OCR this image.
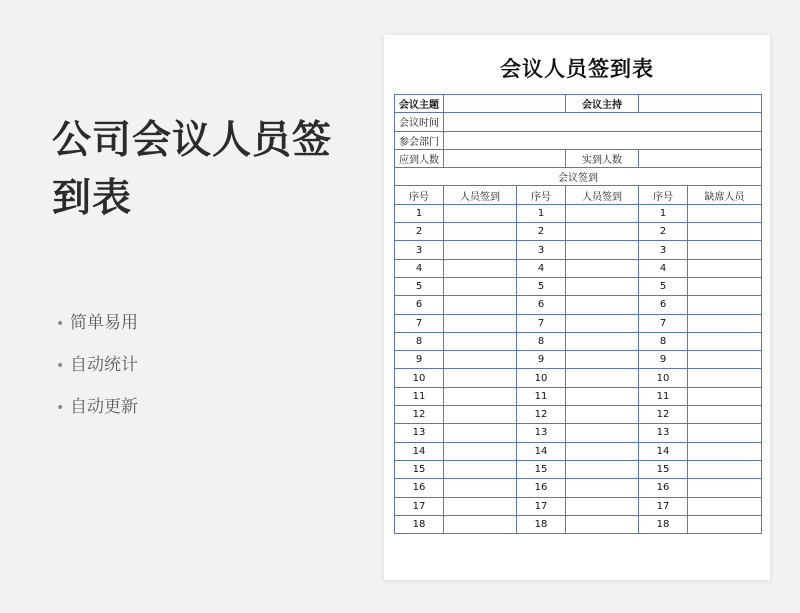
公司会议人员签
到表
• 简单易用
• 自动统计
• 自动更新
会议人员签到表
会议主题			会议主持		
会议时间					
参会部门					
应到人数			实到人数		
会议签到					
序号	人员签到	序号	人员签到	序号	缺席人员
1		1		1	
2		2		2	
3		3		3	
4		4		4	
5		5		5	
6		6		6	
7		7		7	
8		8		8	
9		9		9	
10		10		10	
11		11		11	
12		12		12	
13		13		13	
14		14		14	
15		15		15	
16		16		16	
17		17		17	
18		18		18	
